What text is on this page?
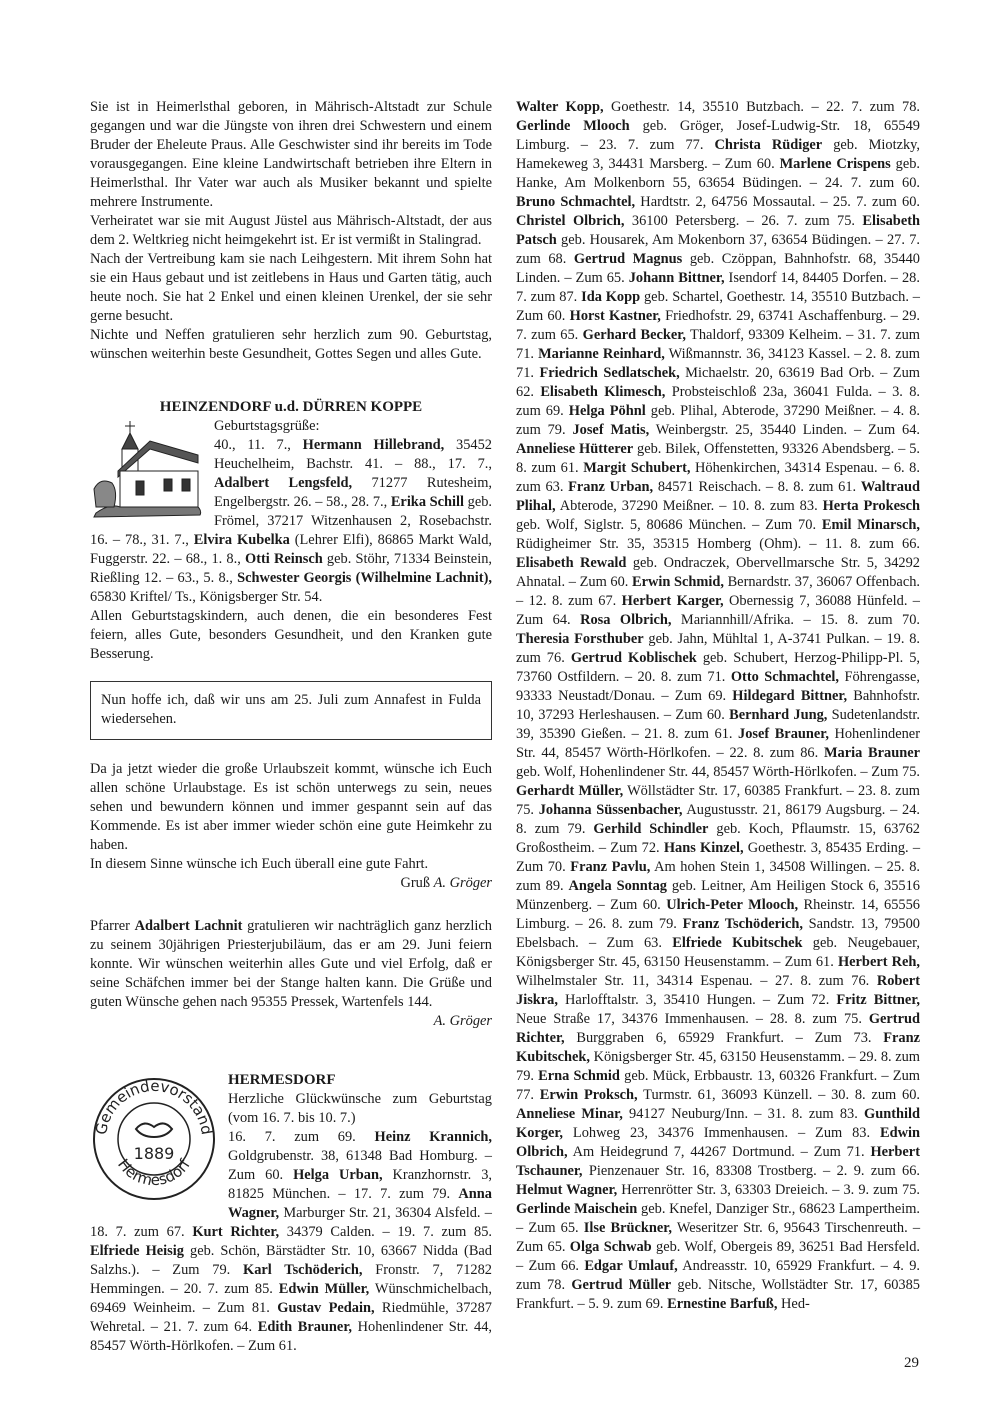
Sie ist in Heimerlsthal geboren, in Mährisch-Altstadt zur Schule gegangen und war die Jüngste von ihren drei Schwestern und einem Bruder der Eheleute Praus. Alle Geschwister sind ihr bereits im Tode vorausgegangen. Eine kleine Landwirtschaft betrieben ihre Eltern in Heimerlsthal. Ihr Vater war auch als Musiker bekannt und spielte mehrere Instrumente.

Verheiratet war sie mit August Jüstel aus Mährisch-Altstadt, der aus dem 2. Weltkrieg nicht heimgekehrt ist. Er ist vermißt in Stalingrad.

Nach der Vertreibung kam sie nach Leihgestern. Mit ihrem Sohn hat sie ein Haus gebaut und ist zeitlebens in Haus und Garten tätig, auch heute noch. Sie hat 2 Enkel und einen kleinen Urenkel, der sie sehr gerne besucht.

Nichte und Neffen gratulieren sehr herzlich zum 90. Geburtstag, wünschen weiterhin beste Gesundheit, Gottes Segen und alles Gute.

HEINZENDORF u.d. DÜRREN KOPPE

Geburtstagsgrüße:
40., 11. 7., Hermann Hillebrand, 35452 Heuchelheim, Bachstr. 41. – 88., 17. 7., Adalbert Lengsfeld, 71277 Rutesheim, Engelbergstr. 26. – 58., 28. 7., Erika Schill geb. Frömel, 37217 Witzenhausen 2, Rosebachstr. 16. – 78., 31. 7., Elvira Kubelka (Lehrer Elfi), 86865 Markt Wald, Fuggerstr. 22. – 68., 1. 8., Otti Reinsch geb. Stöhr, 71334 Beinstein, Rießling 12. – 63., 5. 8., Schwester Georgis (Wilhelmine Lachnit), 65830 Kriftel/ Ts., Königsberger Str. 54.

Allen Geburtstagskindern, auch denen, die ein besonderes Fest feiern, alles Gute, besonders Gesundheit, und den Kranken gute Besserung.

Nun hoffe ich, daß wir uns am 25. Juli zum Annafest in Fulda wiedersehen.

Da ja jetzt wieder die große Urlaubszeit kommt, wünsche ich Euch allen schöne Urlaubstage. Es ist schön unterwegs zu sein, neues sehen und bewundern können und immer gespannt sein auf das Kommende. Es ist aber immer wieder schön eine gute Heimkehr zu haben.

In diesem Sinne wünsche ich Euch überall eine gute Fahrt.

Gruß A. Gröger

Pfarrer Adalbert Lachnit gratulieren wir nachträglich ganz herzlich zu seinem 30jährigen Priesterjubiläum, das er am 29. Juni feiern konnte. Wir wünschen weiterhin alles Gute und viel Erfolg, daß er seine Schäfchen immer bei der Stange halten kann. Die Grüße und guten Wünsche gehen nach 95355 Pressek, Wartenfels 144.

A. Gröger

Gemeindevorstand
Hermesdorf
1889

HERMESDORF

Herzliche Glückwünsche zum Geburtstag (vom 16. 7. bis 10. 7.)
16. 7. zum 69. Heinz Krannich, Goldgrubenstr. 38, 61348 Bad Homburg. – Zum 60. Helga Urban, Kranzhornstr. 3, 81825 München. – 17. 7. zum 79. Anna Wagner, Marburger Str. 21, 36304 Alsfeld. – 18. 7. zum 67. Kurt Richter, 34379 Calden. – 19. 7. zum 85. Elfriede Heisig geb. Schön, Bärstädter Str. 10, 63667 Nidda (Bad Salzhs.). – Zum 79. Karl Tschöderich, Fronstr. 7, 71282 Hemmingen. – 20. 7. zum 85. Edwin Müller, Wünschmichelbach, 69469 Weinheim. – Zum 81. Gustav Pedain, Riedmühle, 37287 Wehretal. – 21. 7. zum 64. Edith Brauner, Hohenlindener Str. 44, 85457 Wörth-Hörlkofen. – Zum 61.

Walter Kopp, Goethestr. 14, 35510 Butzbach. – 22. 7. zum 78. Gerlinde Mlooch geb. Gröger, Josef-Ludwig-Str. 18, 65549 Limburg. – 23. 7. zum 77. Christa Rüdiger geb. Miotzky, Hamekeweg 3, 34431 Marsberg. – Zum 60. Marlene Crispens geb. Hanke, Am Molkenborn 55, 63654 Büdingen. – 24. 7. zum 60. Bruno Schmachtel, Hardtstr. 2, 64756 Mossautal. – 25. 7. zum 60. Christel Olbrich, 36100 Petersberg. – 26. 7. zum 75. Elisabeth Patsch geb. Housarek, Am Mokenborn 37, 63654 Büdingen. – 27. 7. zum 68. Gertrud Magnus geb. Czöppan, Bahnhofstr. 68, 35440 Linden. – Zum 65. Johann Bittner, Isendorf 14, 84405 Dorfen. – 28. 7. zum 87. Ida Kopp geb. Schartel, Goethestr. 14, 35510 Butzbach. – Zum 60. Horst Kastner, Friedhofstr. 29, 63741 Aschaffenburg. – 29. 7. zum 65. Gerhard Becker, Thaldorf, 93309 Kelheim. – 31. 7. zum 71. Marianne Reinhard, Wißmannstr. 36, 34123 Kassel. – 2. 8. zum 71. Friedrich Sedlatschek, Michaelstr. 20, 63619 Bad Orb. – Zum 62. Elisabeth Klimesch, Probsteischloß 23a, 36041 Fulda. – 3. 8. zum 69. Helga Pöhnl geb. Plihal, Abterode, 37290 Meißner. – 4. 8. zum 79. Josef Matis, Weinbergstr. 25, 35440 Linden. – Zum 64. Anneliese Hütterer geb. Bilek, Offenstetten, 93326 Abendsberg. – 5. 8. zum 61. Margit Schubert, Höhenkirchen, 34314 Espenau. – 6. 8. zum 63. Franz Urban, 84571 Reischach. – 8. 8. zum 61. Waltraud Plihal, Abterode, 37290 Meißner. – 10. 8. zum 83. Herta Prokesch geb. Wolf, Siglstr. 5, 80686 München. – Zum 70. Emil Minarsch, Rüdigheimer Str. 35, 35315 Homberg (Ohm). – 11. 8. zum 66. Elisabeth Rewald geb. Ondraczek, Obervellmarsche Str. 5, 34292 Ahnatal. – Zum 60. Erwin Schmid, Bernardstr. 37, 36067 Offenbach. – 12. 8. zum 67. Herbert Karger, Obernessig 7, 36088 Hünfeld. – Zum 64. Rosa Olbrich, Mariannhill/Afrika. – 15. 8. zum 70. Theresia Forsthuber geb. Jahn, Mühltal 1, A-3741 Pulkan. – 19. 8. zum 76. Gertrud Koblischek geb. Schubert, Herzog-Philipp-Pl. 5, 73760 Ostfildern. – 20. 8. zum 71. Otto Schmachtel, Föhrengasse, 93333 Neustadt/Donau. – Zum 69. Hildegard Bittner, Bahnhofstr. 10, 37293 Herleshausen. – Zum 60. Bernhard Jung, Sudetenlandstr. 39, 35390 Gießen. – 21. 8. zum 61. Josef Brauner, Hohenlindener Str. 44, 85457 Wörth-Hörlkofen. – 22. 8. zum 86. Maria Brauner geb. Wolf, Hohenlindener Str. 44, 85457 Wörth-Hörlkofen. – Zum 75. Gerhardt Müller, Wöllstädter Str. 17, 60385 Frankfurt. – 23. 8. zum 75. Johanna Süssenbacher, Augustusstr. 21, 86179 Augsburg. – 24. 8. zum 79. Gerhild Schindler geb. Koch, Pflaumstr. 15, 63762 Großostheim. – Zum 72. Hans Kinzel, Goethestr. 3, 85435 Erding. – Zum 70. Franz Pavlu, Am hohen Stein 1, 34508 Willingen. – 25. 8. zum 89. Angela Sonntag geb. Leitner, Am Heiligen Stock 6, 35516 Münzenberg. – Zum 60. Ulrich-Peter Mlooch, Rheinstr. 14, 65556 Limburg. – 26. 8. zum 79. Franz Tschöderich, Sandstr. 13, 79500 Ebelsbach. – Zum 63. Elfriede Kubitschek geb. Neugebauer, Königsberger Str. 45, 63150 Heusenstamm. – Zum 61. Herbert Reh, Wilhelmstaler Str. 11, 34314 Espenau. – 27. 8. zum 76. Robert Jiskra, Harlofftalstr. 3, 35410 Hungen. – Zum 72. Fritz Bittner, Neue Straße 17, 34376 Immenhausen. – 28. 8. zum 75. Gertrud Richter, Burggraben 6, 65929 Frankfurt. – Zum 73. Franz Kubitschek, Königsberger Str. 45, 63150 Heusenstamm. – 29. 8. zum 79. Erna Schmid geb. Mück, Erbbaustr. 13, 60326 Frankfurt. – Zum 77. Erwin Proksch, Turmstr. 61, 36093 Künzell. – 30. 8. zum 60. Anneliese Minar, 94127 Neuburg/Inn. – 31. 8. zum 83. Gunthild Korger, Lohweg 23, 34376 Immenhausen. – Zum 83. Edwin Olbrich, Am Heidegrund 7, 44267 Dortmund. – Zum 71. Herbert Tschauner, Pienzenauer Str. 16, 83308 Trostberg. – 2. 9. zum 66. Helmut Wagner, Herrenrötter Str. 3, 63303 Dreieich. – 3. 9. zum 75. Gerlinde Maischein geb. Knefel, Danziger Str., 68623 Lampertheim. – Zum 65. Ilse Brückner, Weseritzer Str. 6, 95643 Tirschenreuth. – Zum 65. Olga Schwab geb. Wolf, Obergeis 89, 36251 Bad Hersfeld. – Zum 66. Edgar Umlauf, Andreasstr. 10, 65929 Frankfurt. – 4. 9. zum 78. Gertrud Müller geb. Nitsche, Wollstädter Str. 17, 60385 Frankfurt. – 5. 9. zum 69. Ernestine Barfuß, Hed-

29
